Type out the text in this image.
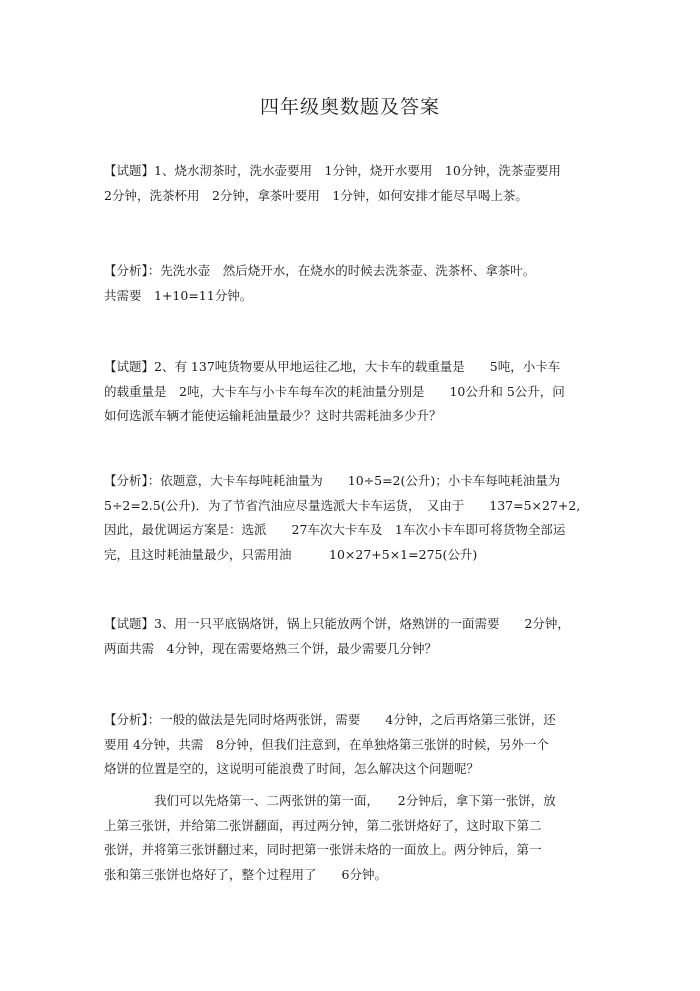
四年级奥数题及答案
【试题】1、烧水沏茶时，洗水壶要用　1分钟，烧开水要用　10分钟，洗茶壶要用
2分钟，洗茶杯用　2分钟，拿茶叶要用　1分钟，如何安排才能尽早喝上茶。
【分析】：先洗水壶　然后烧开水，在烧水的时候去洗茶壶、洗茶杯、拿茶叶。
共需要　1+10=11分钟。
【试题】2、有 137吨货物要从甲地运往乙地，大卡车的载重量是　　5吨，小卡车
的载重量是　2吨，大卡车与小卡车每车次的耗油量分别是　　10公升和 5公升，问
如何选派车辆才能使运输耗油量最少？这时共需耗油多少升？
【分析】：依题意，大卡车每吨耗油量为　　10÷5=2(公升)；小卡车每吨耗油量为
5÷2=2.5(公升)．为了节省汽油应尽量选派大卡车运货，　又由于　　137=5×27+2,
因此，最优调运方案是：选派　　27车次大卡车及　1车次小卡车即可将货物全部运
完，且这时耗油量最少，只需用油　　　10×27+5×1=275(公升)
【试题】3、用一只平底锅烙饼，锅上只能放两个饼，烙熟饼的一面需要　　2分钟，
两面共需　4分钟，现在需要烙熟三个饼，最少需要几分钟？
【分析】：一般的做法是先同时烙两张饼，需要　　4分钟，之后再烙第三张饼，还
要用 4分钟，共需　8分钟，但我们注意到，在单独烙第三张饼的时候，另外一个
烙饼的位置是空的，这说明可能浪费了时间，怎么解决这个问题呢？
我们可以先烙第一、二两张饼的第一面，　　2分钟后，拿下第一张饼，放
上第三张饼，并给第二张饼翻面，再过两分钟，第二张饼烙好了，这时取下第二
张饼，并将第三张饼翻过来，同时把第一张饼未烙的一面放上。两分钟后，第一
张和第三张饼也烙好了，整个过程用了　　6分钟。
